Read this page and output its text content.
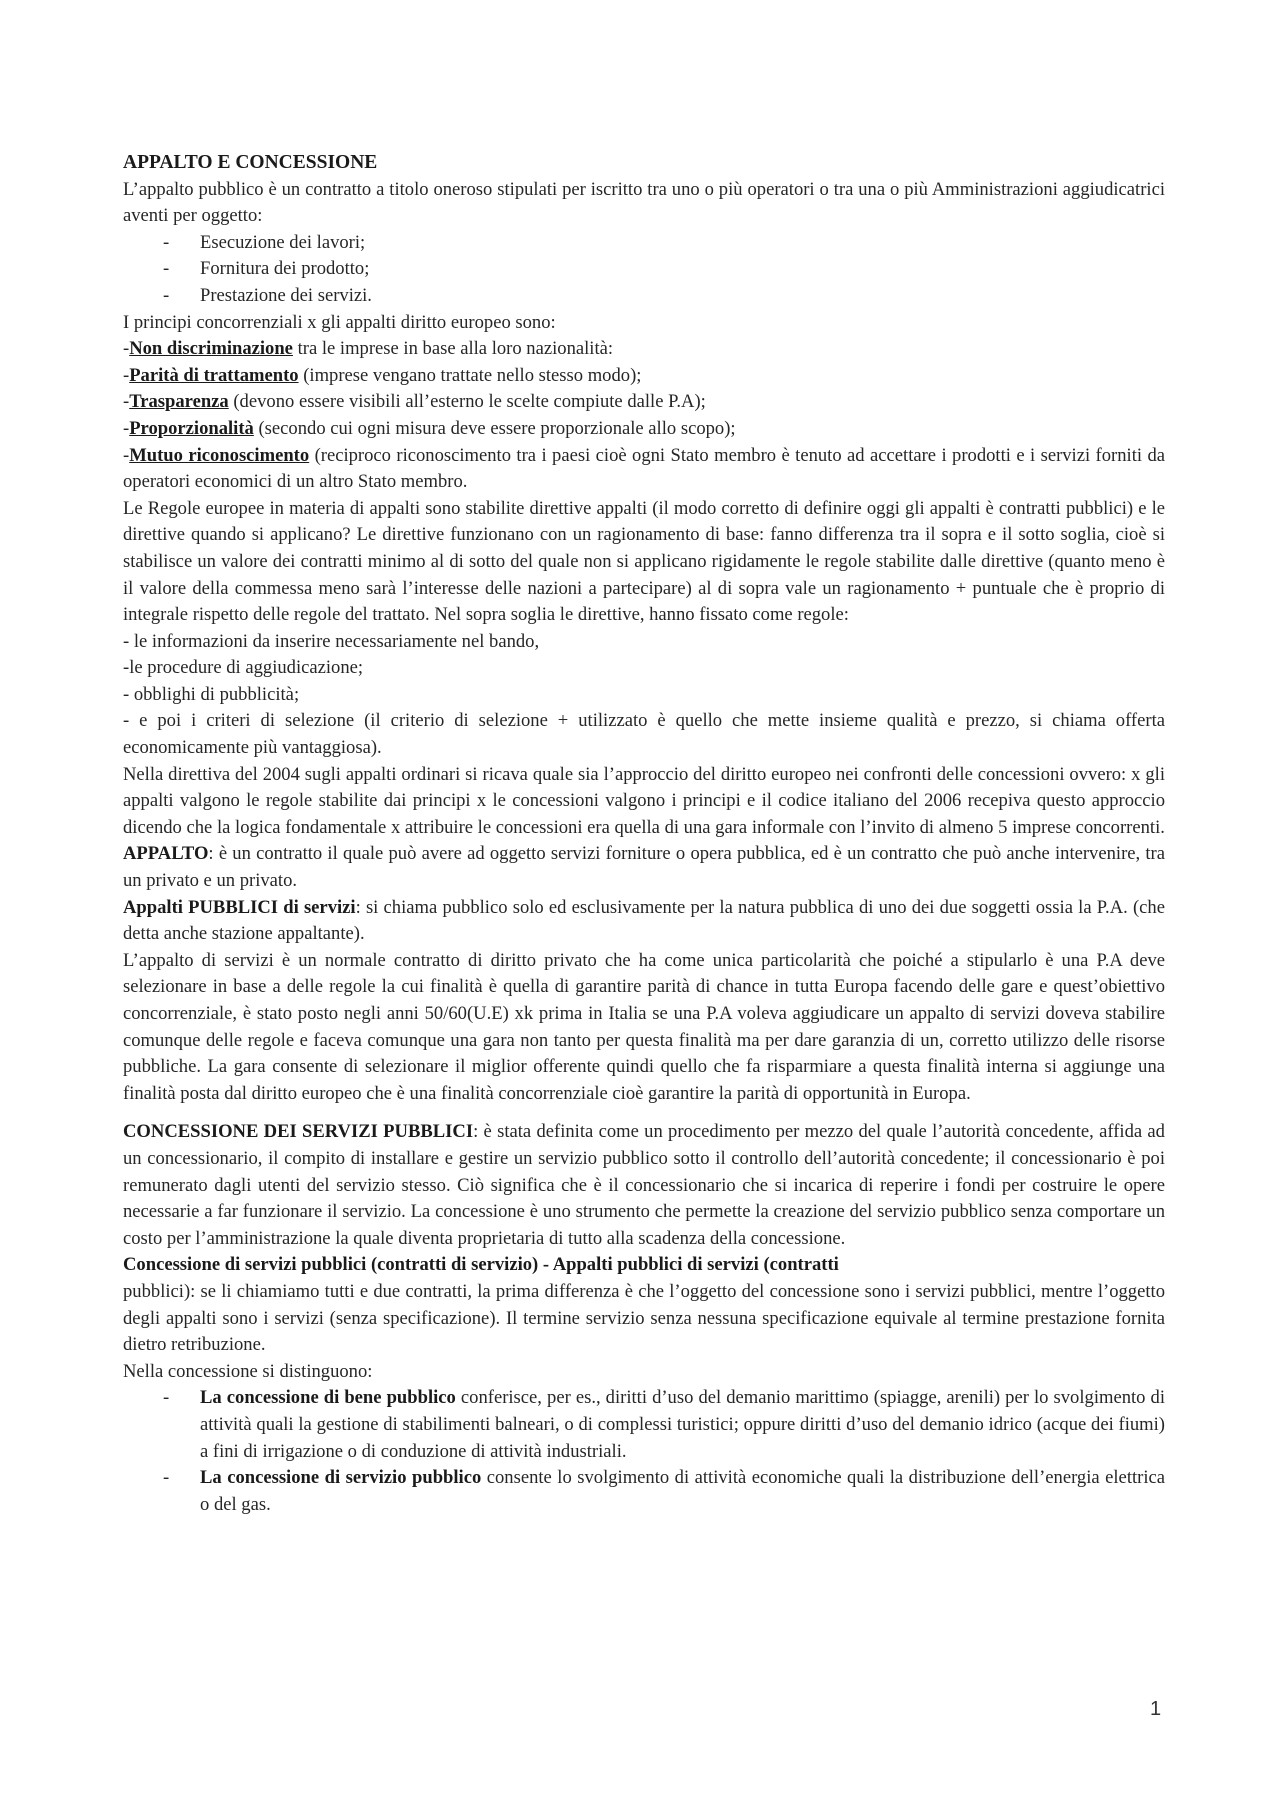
APPALTO E CONCESSIONE

L’appalto pubblico è un contratto a titolo oneroso stipulati per iscritto tra uno o più operatori o tra una o più Amministrazioni aggiudicatrici aventi per oggetto:

- Esecuzione dei lavori;
- Fornitura dei prodotto;
- Prestazione dei servizi.

I principi concorrenziali x gli appalti diritto europeo sono:

-Non discriminazione tra le imprese in base alla loro nazionalità:

-Parità di trattamento (imprese vengano trattate nello stesso modo);

-Trasparenza (devono essere visibili all’esterno le scelte compiute dalle P.A);

-Proporzionalità (secondo cui ogni misura deve essere proporzionale allo scopo);

-Mutuo riconoscimento (reciproco riconoscimento tra i paesi cioè ogni Stato membro è tenuto ad accettare i prodotti e i servizi forniti da operatori economici di un altro Stato membro.

Le Regole europee in materia di appalti sono stabilite direttive appalti (il modo corretto di definire oggi gli appalti è contratti pubblici) e le direttive quando si applicano? Le direttive funzionano con un ragionamento di base: fanno differenza tra il sopra e il sotto soglia, cioè si stabilisce un valore dei contratti minimo al di sotto del quale non si applicano rigidamente le regole stabilite dalle direttive (quanto meno è il valore della commessa meno sarà l’interesse delle nazioni a partecipare) al di sopra vale un ragionamento + puntuale che è proprio di integrale rispetto delle regole del trattato. Nel sopra soglia le direttive, hanno fissato come regole:

- le informazioni da inserire necessariamente nel bando,

-le procedure di aggiudicazione;

- obblighi di pubblicità;

- e poi i criteri di selezione (il criterio di selezione + utilizzato è quello che mette insieme qualità e prezzo, si chiama offerta economicamente più vantaggiosa).

Nella direttiva del 2004 sugli appalti ordinari si ricava quale sia l’approccio del diritto europeo nei confronti delle concessioni ovvero: x gli appalti valgono le regole stabilite dai principi x le concessioni valgono i principi e il codice italiano del 2006 recepiva questo approccio dicendo che la logica fondamentale x attribuire le concessioni era quella di una gara informale con l’invito di almeno 5 imprese concorrenti.

APPALTO: è un contratto il quale può avere ad oggetto servizi forniture o opera pubblica, ed è un contratto che può anche intervenire, tra un privato e un privato.

Appalti PUBBLICI di servizi: si chiama pubblico solo ed esclusivamente per la natura pubblica di uno dei due soggetti ossia la P.A. (che detta anche stazione appaltante).

L’appalto di servizi è un normale contratto di diritto privato che ha come unica particolarità che poiché a stipularlo è una P.A deve selezionare in base a delle regole la cui finalità è quella di garantire parità di chance in tutta Europa facendo delle gare e quest’obiettivo concorrenziale, è stato posto negli anni 50/60(U.E) xk prima in Italia se una P.A voleva aggiudicare un appalto di servizi doveva stabilire comunque delle regole e faceva comunque una gara non tanto per questa finalità ma per dare garanzia di un, corretto utilizzo delle risorse pubbliche. La gara consente di selezionare il miglior offerente quindi quello che fa risparmiare a questa finalità interna si aggiunge una finalità posta dal diritto europeo che è una finalità concorrenziale cioè garantire la parità di opportunità in Europa.

CONCESSIONE DEI SERVIZI PUBBLICI: è stata definita come un procedimento per mezzo del quale l’autorità concedente, affida ad un concessionario, il compito di installare e gestire un servizio pubblico sotto il controllo dell’autorità concedente; il concessionario è poi remunerato dagli utenti del servizio stesso. Ciò significa che è il concessionario che si incarica di reperire i fondi per costruire le opere necessarie a far funzionare il servizio. La concessione è uno strumento che permette la creazione del servizio pubblico senza comportare un costo per l’amministrazione la quale diventa proprietaria di tutto alla scadenza della concessione.

Concessione di servizi pubblici (contratti di servizio) - Appalti pubblici di servizi (contratti

pubblici): se li chiamiamo tutti e due contratti, la prima differenza è che l’oggetto del concessione sono i servizi pubblici, mentre l’oggetto degli appalti sono i servizi (senza specificazione). Il termine servizio senza nessuna specificazione equivale al termine prestazione fornita dietro retribuzione.

Nella concessione si distinguono:

- La concessione di bene pubblico conferisce, per es., diritti d’uso del demanio marittimo (spiagge, arenili) per lo svolgimento di attività quali la gestione di stabilimenti balneari, o di complessi turistici; oppure diritti d’uso del demanio idrico (acque dei fiumi) a fini di irrigazione o di conduzione di attività industriali.
- La concessione di servizio pubblico consente lo svolgimento di attività economiche quali la distribuzione dell’energia elettrica o del gas.
1
